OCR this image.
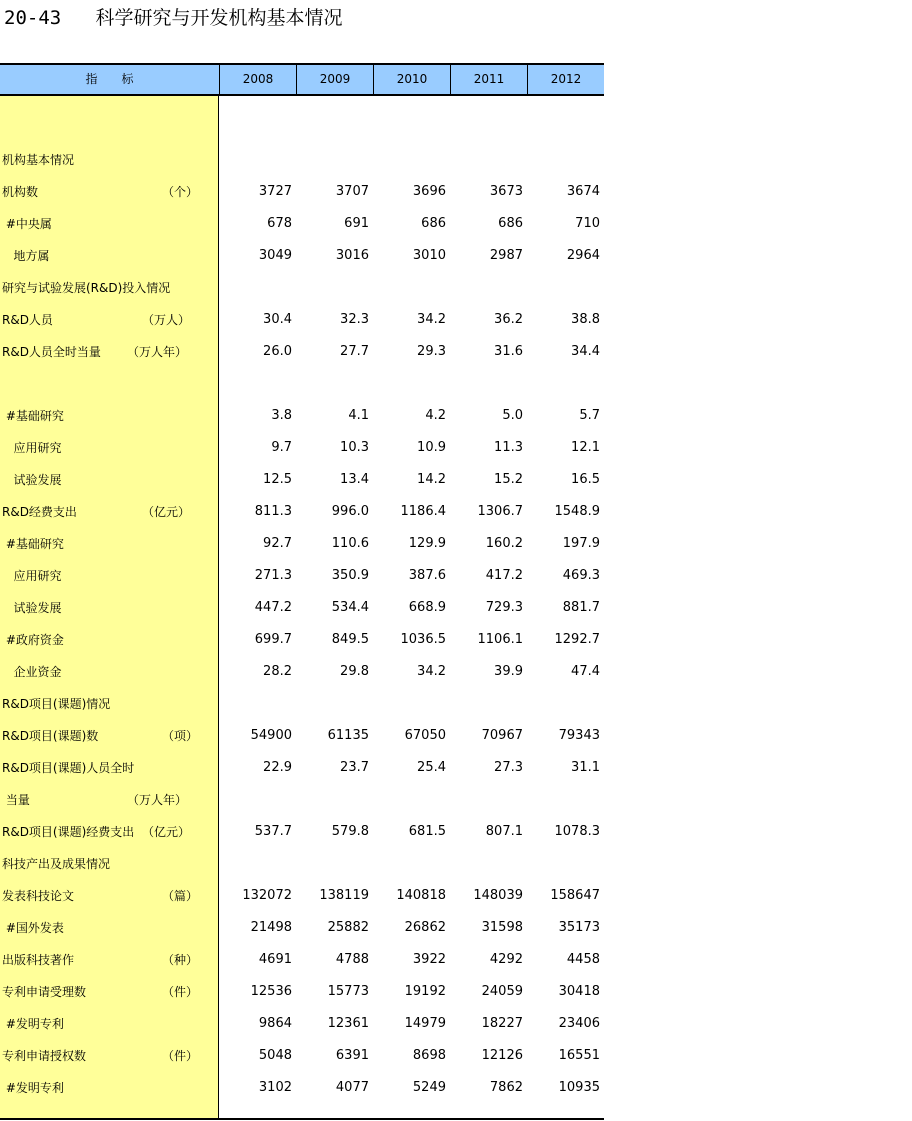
20-43   科学研究与开发机构基本情况
指　　标	2008	2009	2010	2011	2012
机构基本情况
机构数	（个）	3727	3707	3696	3673	3674
#中央属	678	691	686	686	710
地方属	3049	3016	3010	2987	2964
研究与试验发展(R&D)投入情况
R&D人员	（万人）	30.4	32.3	34.2	36.2	38.8
R&D人员全时当量 （万人年）	26.0	27.7	29.3	31.6	34.4
#基础研究	3.8	4.1	4.2	5.0	5.7
应用研究	9.7	10.3	10.9	11.3	12.1
试验发展	12.5	13.4	14.2	15.2	16.5
R&D经费支出	（亿元）	811.3	996.0	1186.4	1306.7	1548.9
#基础研究	92.7	110.6	129.9	160.2	197.9
应用研究	271.3	350.9	387.6	417.2	469.3
试验发展	447.2	534.4	668.9	729.3	881.7
#政府资金	699.7	849.5	1036.5	1106.1	1292.7
企业资金	28.2	29.8	34.2	39.9	47.4
R&D项目(课题)情况
R&D项目(课题)数	（项）	54900	61135	67050	70967	79343
R&D项目(课题)人员全时	22.9	23.7	25.4	27.3	31.1
当量	（万人年）
R&D项目(课题)经费支出 （亿元）	537.7	579.8	681.5	807.1	1078.3
科技产出及成果情况
发表科技论文	（篇）	132072	138119	140818	148039	158647
#国外发表	21498	25882	26862	31598	35173
出版科技著作	（种）	4691	4788	3922	4292	4458
专利申请受理数	（件）	12536	15773	19192	24059	30418
#发明专利	9864	12361	14979	18227	23406
专利申请授权数	（件）	5048	6391	8698	12126	16551
#发明专利	3102	4077	5249	7862	10935
